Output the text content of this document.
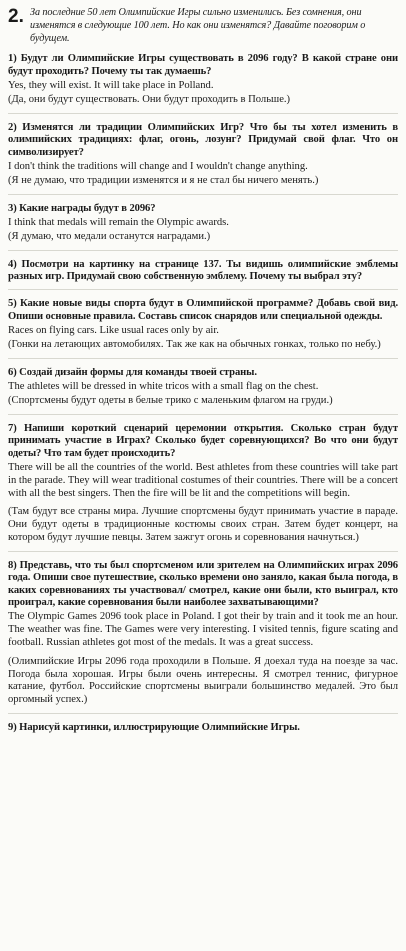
2. За последние 50 лет Олимпийские Игры сильно изменились. Без сомнения, они изменятся в следующие 100 лет. Но как они изменятся? Давайте поговорим о будущем.
1) Будут ли Олимпийские Игры существовать в 2096 году? В какой стране они будут проходить? Почему ты так думаешь?
Yes, they will exist. It will take place in Polland.
(Да, они будут существовать. Они будут проходить в Польше.)
2) Изменятся ли традиции Олимпийских Игр? Что бы ты хотел изменить в олимпийских традициях: флаг, огонь, лозунг? Придумай свой флаг. Что он символизирует?
I don't think the traditions will change and I wouldn't change anything.
(Я не думаю, что традиции изменятся и я не стал бы ничего менять.)
3) Какие награды будут в 2096?
I think that medals will remain the Olympic awards.
(Я думаю, что медали останутся наградами.)
4) Посмотри на картинку на странице 137. Ты видишь олимпийские эмблемы разных игр. Придумай свою собственную эмблему. Почему ты выбрал эту?
5) Какие новые виды спорта будут в Олимпийской программе? Добавь свой вид. Опиши основные правила. Составь список снарядов или специальной одежды.
Races on flying cars. Like usual races only by air.
(Гонки на летающих автомобилях. Так же как на обычных гонках, только по небу.)
6) Создай дизайн формы для команды твоей страны.
The athletes will be dressed in white tricos with a small flag on the chest.
(Спортсмены будут одеты в белые трико с маленьким флагом на груди.)
7) Напиши короткий сценарий церемонии открытия. Сколько стран будут принимать участие в Играх? Сколько будет соревнующихся? Во что они будут одеты? Что там будет происходить?
There will be all the countries of the world. Best athletes from these countries will take part in the parade. They will wear traditional costumes of their countries. There will be a concert with all the best singers. Then the fire will be lit and the competitions will begin.
(Там будут все страны мира. Лучшие спортсмены будут принимать участие в параде. Они будут одеты в традиционные костюмы своих стран. Затем будет концерт, на котором будут лучшие певцы. Затем зажгут огонь и соревнования начнуться.)
8) Представь, что ты был спортсменом или зрителем на Олимпийских играх 2096 года. Опиши свое путешествие, сколько времени оно заняло, какая была погода, в каких соревнованиях ты участвовал/ смотрел, какие они были, кто выиграл, кто проиграл, какие соревнования были наиболее захватывающими?
The Olympic Games 2096 took place in Poland. I got their by train and it took me an hour. The weather was fine. The Games were very interesting. I visited tennis, figure scating and football. Russian athletes got most of the medals. It was a great success.
(Олимпийские Игры 2096 года проходили в Польше. Я доехал туда на поезде за час. Погода была хорошая. Игры были очень интересны. Я смотрел теннис, фигурное катание, футбол. Российские спортсмены выиграли большинство медалей. Это был оргомный успех.)
9) Нарисуй картинки, иллюстрирующие Олимпийские Игры.
